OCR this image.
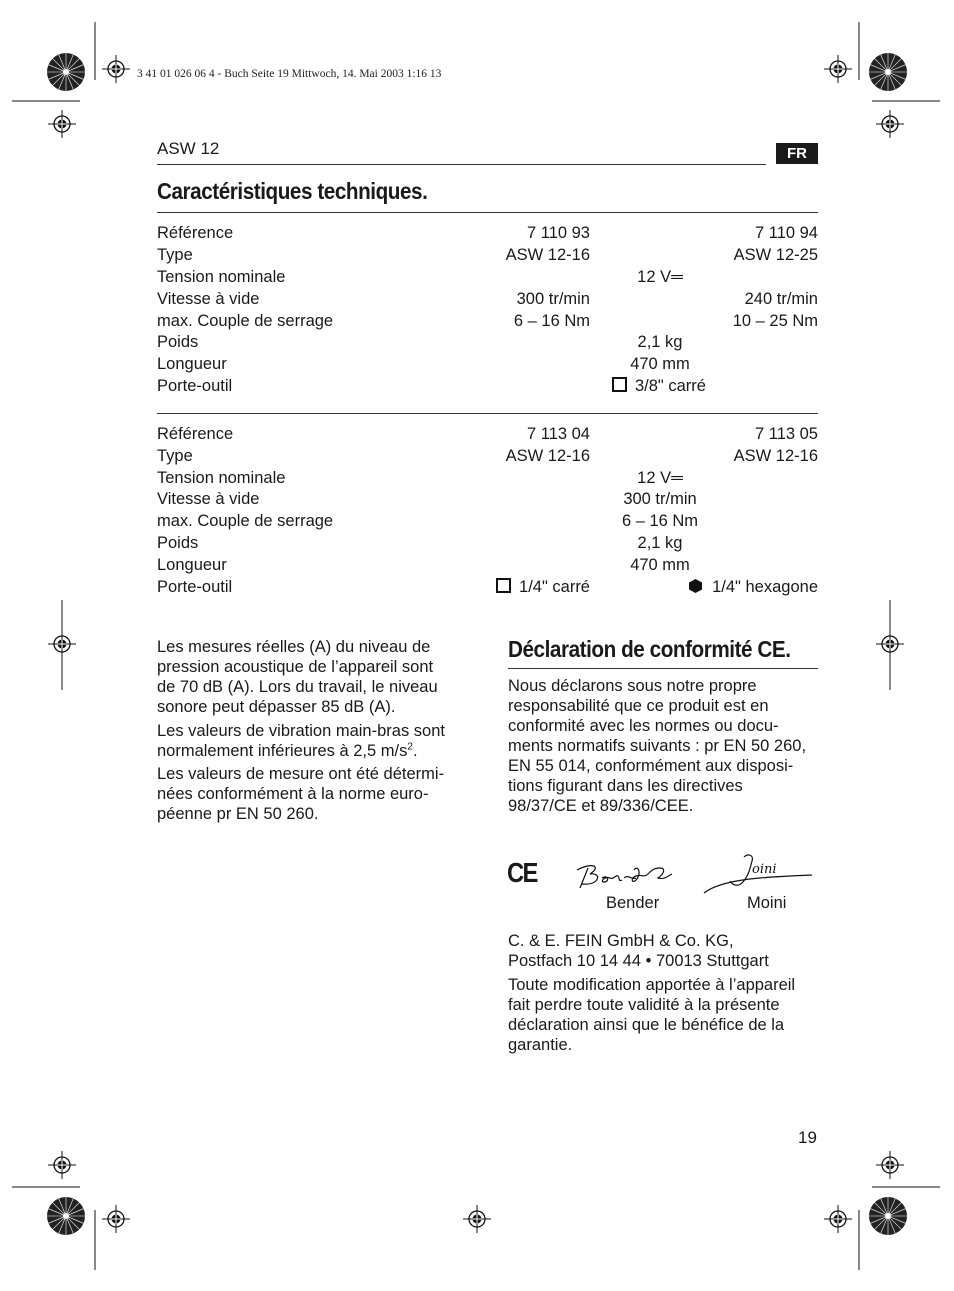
3 41 01 026 06 4 - Buch Seite 19 Mittwoch, 14. Mai 2003 1:16 13
ASW 12	FR
Caractéristiques techniques.
Référence	7 110 93	7 110 94
Type	ASW 12-16	ASW 12-25
Tension nominale	12 V═
Vitesse à vide	300 tr/min	240 tr/min
max. Couple de serrage	6 – 16 Nm	10 – 25 Nm
Poids	2,1 kg
Longueur	470 mm
Porte-outil	3/8" carré
Référence	7 113 04	7 113 05
Type	ASW 12-16	ASW 12-16
Tension nominale	12 V═
Vitesse à vide	300 tr/min
max. Couple de serrage	6 – 16 Nm
Poids	2,1 kg
Longueur	470 mm
Porte-outil	1/4" carré	1/4" hexagone
Les mesures réelles (A) du niveau de
pression acoustique de l’appareil sont
de 70 dB (A). Lors du travail, le niveau
sonore peut dépasser 85 dB (A).
Les valeurs de vibration main-bras sont
normalement inférieures à 2,5 $m/s^2$.
Les valeurs de mesure ont été détermi-
nées conformément à la norme euro-
péenne pr EN 50 260.
Déclaration de conformité CE.
Nous déclarons sous notre propre
responsabilité que ce produit est en
conformité avec les normes ou docu-
ments normatifs suivants : pr EN 50 260,
EN 55 014, conformément aux disposi-
tions figurant dans les directives
98/37/CE et 89/336/CEE.
CE	oini
Bender	Moini
C. & E. FEIN GmbH & Co. KG,
Postfach 10 14 44 • 70013 Stuttgart
Toute modification apportée à l’appareil
fait perdre toute validité à la présente
déclaration ainsi que le bénéfice de la
garantie.
19
